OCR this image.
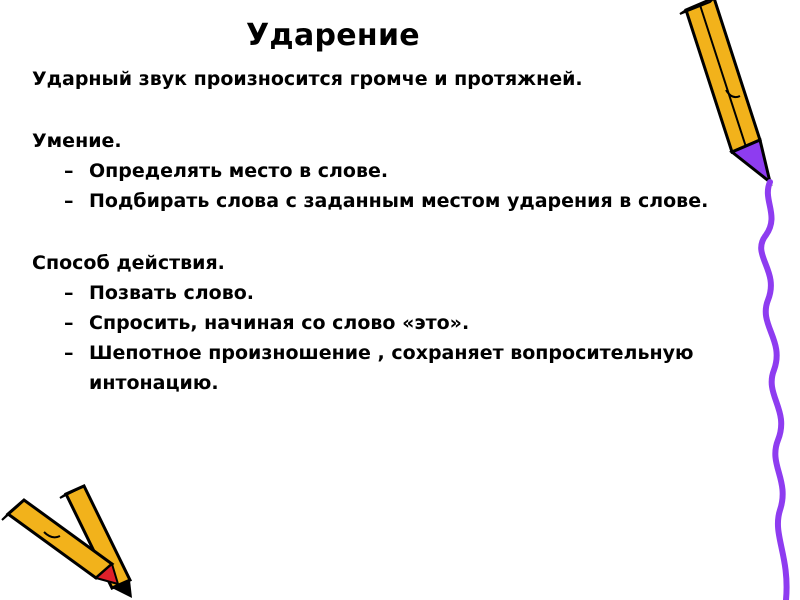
Ударение

Ударный звук произносится громче и протяжней.

Умение.

– Определять место в слове.
– Подбирать слова с заданным местом ударения в слове.

Способ действия.

– Позвать слово.
– Спросить, начиная со слово «это».
– Шепотное произношение , сохраняет вопросительную интонацию.
